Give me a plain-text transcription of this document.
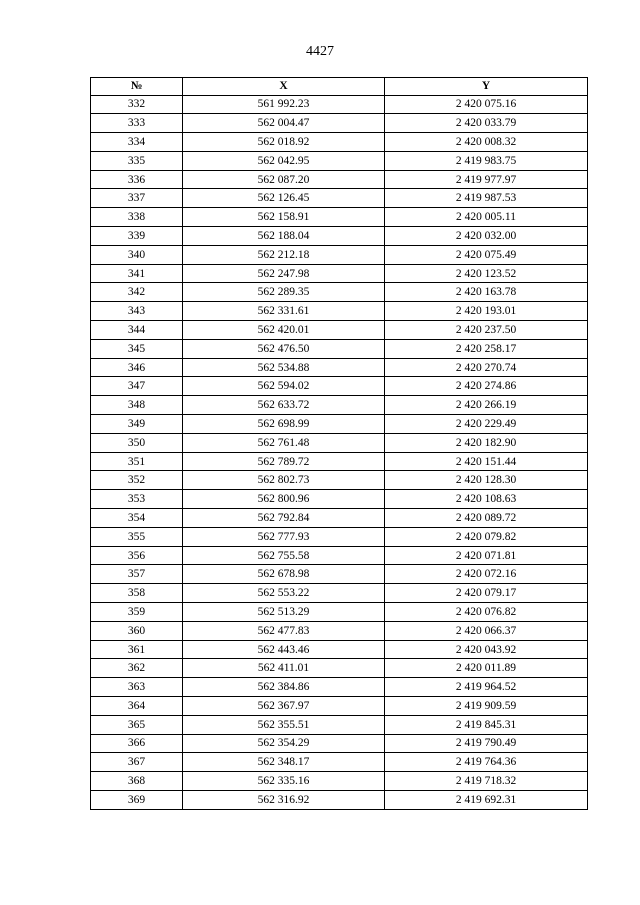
4427
№	X	Y
332	561 992.23	2 420 075.16
333	562 004.47	2 420 033.79
334	562 018.92	2 420 008.32
335	562 042.95	2 419 983.75
336	562 087.20	2 419 977.97
337	562 126.45	2 419 987.53
338	562 158.91	2 420 005.11
339	562 188.04	2 420 032.00
340	562 212.18	2 420 075.49
341	562 247.98	2 420 123.52
342	562 289.35	2 420 163.78
343	562 331.61	2 420 193.01
344	562 420.01	2 420 237.50
345	562 476.50	2 420 258.17
346	562 534.88	2 420 270.74
347	562 594.02	2 420 274.86
348	562 633.72	2 420 266.19
349	562 698.99	2 420 229.49
350	562 761.48	2 420 182.90
351	562 789.72	2 420 151.44
352	562 802.73	2 420 128.30
353	562 800.96	2 420 108.63
354	562 792.84	2 420 089.72
355	562 777.93	2 420 079.82
356	562 755.58	2 420 071.81
357	562 678.98	2 420 072.16
358	562 553.22	2 420 079.17
359	562 513.29	2 420 076.82
360	562 477.83	2 420 066.37
361	562 443.46	2 420 043.92
362	562 411.01	2 420 011.89
363	562 384.86	2 419 964.52
364	562 367.97	2 419 909.59
365	562 355.51	2 419 845.31
366	562 354.29	2 419 790.49
367	562 348.17	2 419 764.36
368	562 335.16	2 419 718.32
369	562 316.92	2 419 692.31
